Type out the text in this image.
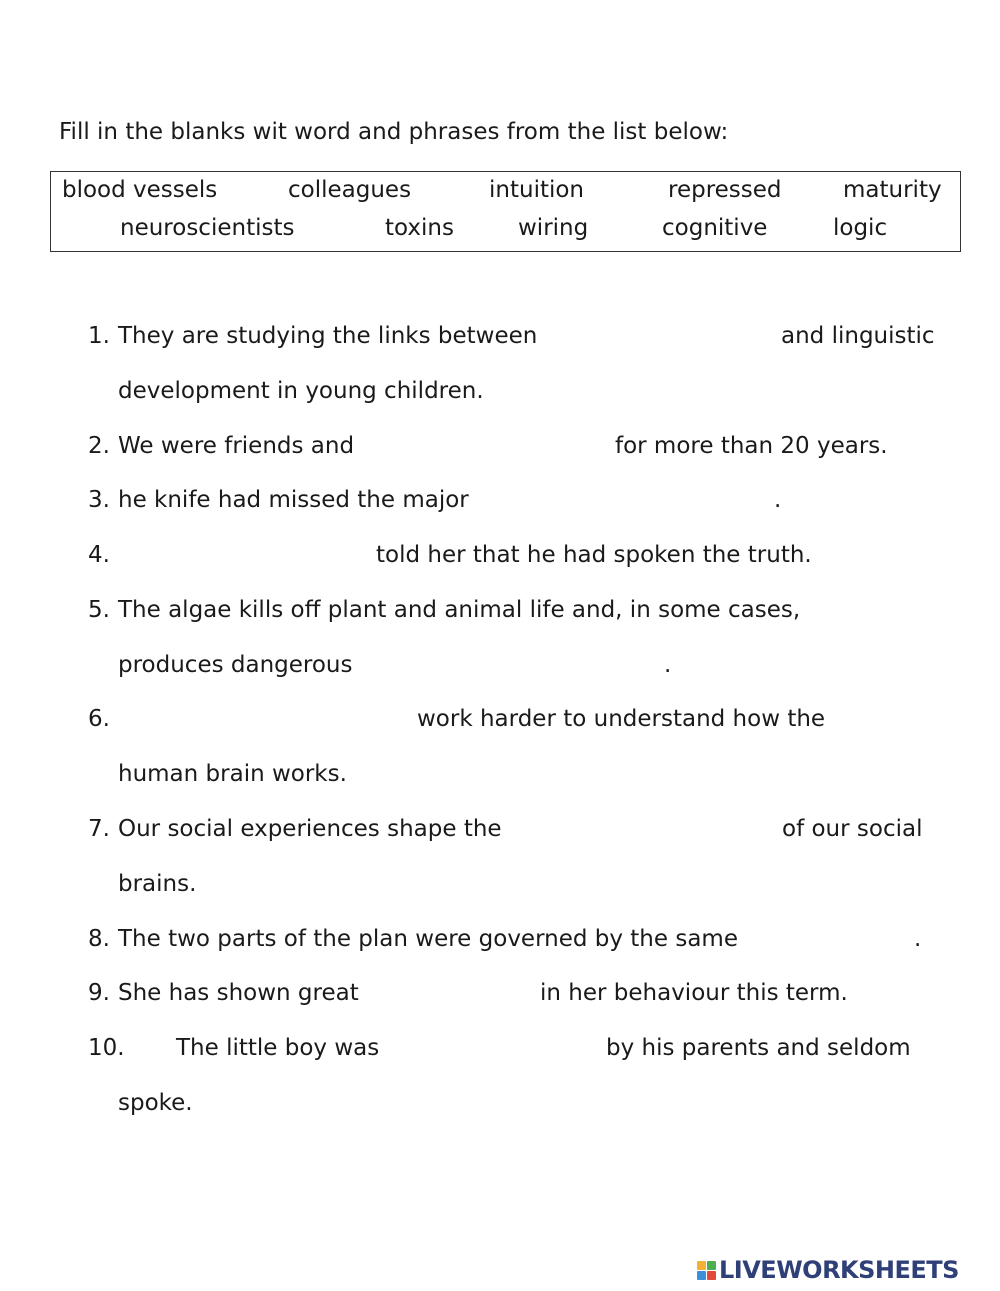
Fill in the blanks wit word and phrases from the list below:
blood vessels	colleagues	intuition	repressed	maturity
neuroscientists	toxins	wiring	cognitive	logic
1. They are studying the links between	and linguistic
development in young children.
2. We were friends and	for more than 20 years.
3. he knife had missed the major	.
4.	told her that he had spoken the truth.
5. The algae kills off plant and animal life and, in some cases,
produces dangerous	.
6.	work harder to understand how the
human brain works.
7. Our social experiences shape the	of our social
brains.
8. The two parts of the plan were governed by the same	.
9. She has shown great	in her behaviour this term.
10. The little boy was	by his parents and seldom
spoke.
LIVEWORKSHEETS
